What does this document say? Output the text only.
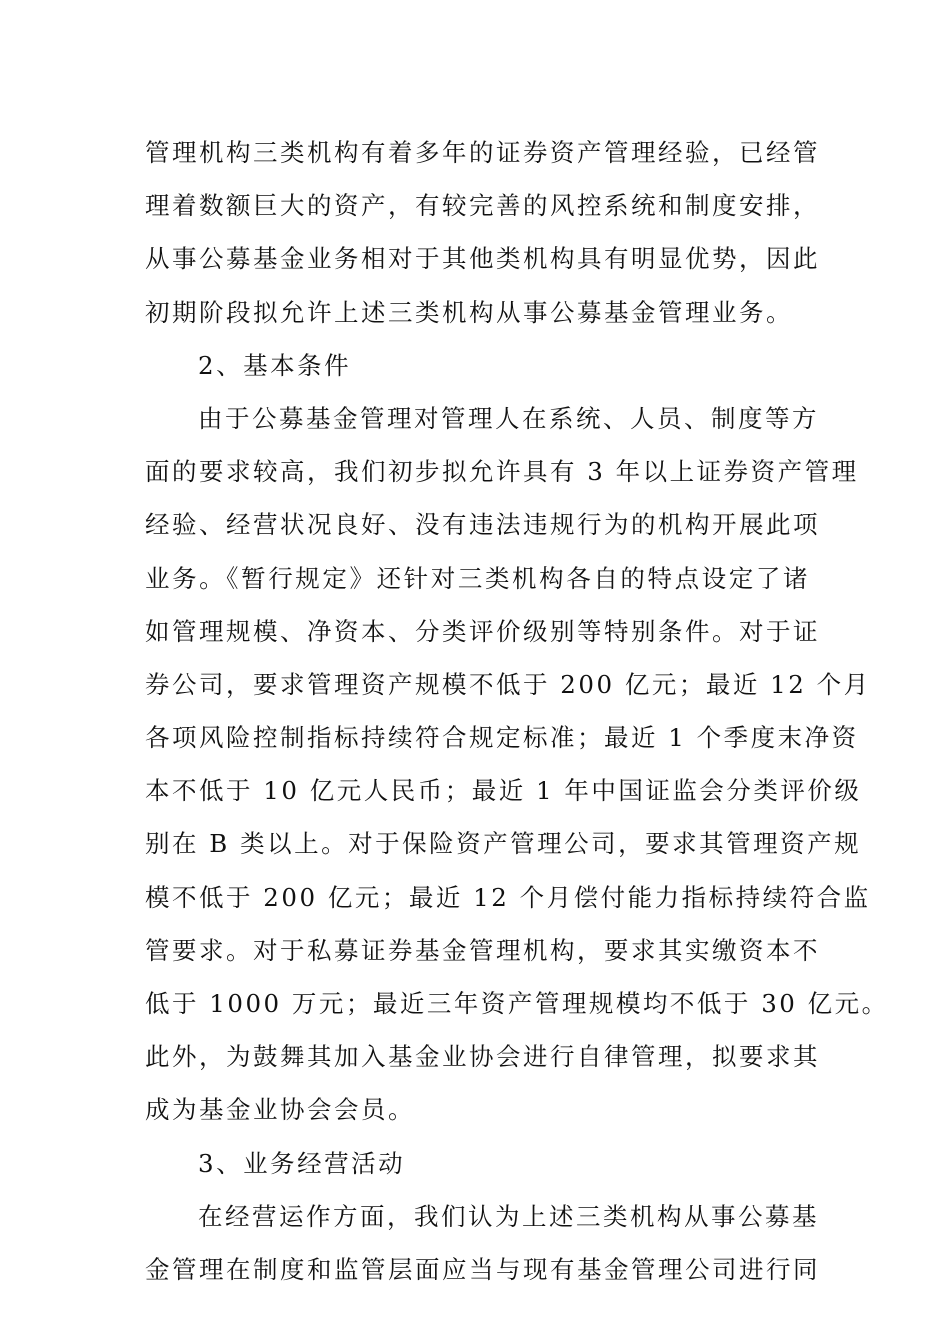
管理机构三类机构有着多年的证券资产管理经验，已经管
理着数额巨大的资产，有较完善的风控系统和制度安排，
从事公募基金业务相对于其他类机构具有明显优势，因此
初期阶段拟允许上述三类机构从事公募基金管理业务。
2、基本条件
由于公募基金管理对管理人在系统、人员、制度等方
面的要求较高，我们初步拟允许具有 3 年以上证券资产管理
经验、经营状况良好、没有违法违规行为的机构开展此项
业务。《暂行规定》还针对三类机构各自的特点设定了诸
如管理规模、净资本、分类评价级别等特别条件。对于证
券公司，要求管理资产规模不低于 200 亿元；最近 12 个月
各项风险控制指标持续符合规定标准；最近 1 个季度末净资
本不低于 10 亿元人民币；最近 1 年中国证监会分类评价级
别在 B 类以上。对于保险资产管理公司，要求其管理资产规
模不低于 200 亿元；最近 12 个月偿付能力指标持续符合监
管要求。对于私募证券基金管理机构，要求其实缴资本不
低于 1000 万元；最近三年资产管理规模均不低于 30 亿元。
此外，为鼓舞其加入基金业协会进行自律管理，拟要求其
成为基金业协会会员。
3、业务经营活动
在经营运作方面，我们认为上述三类机构从事公募基
金管理在制度和监管层面应当与现有基金管理公司进行同
